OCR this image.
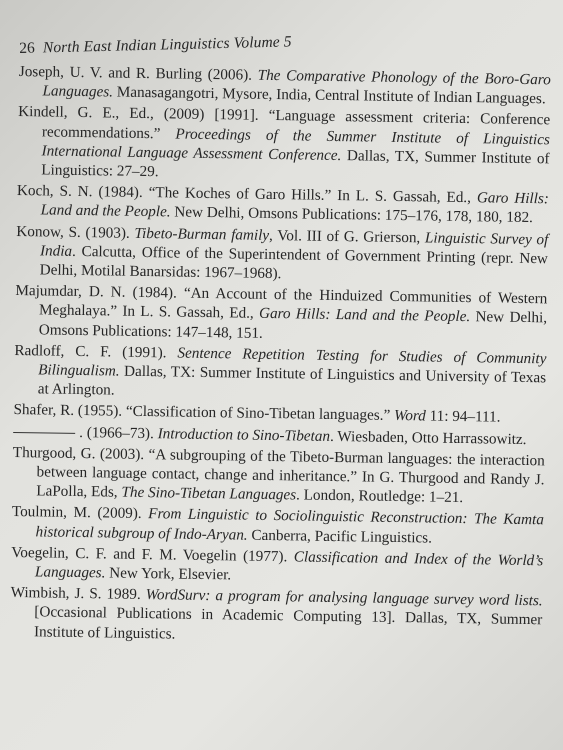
26 North East Indian Linguistics Volume 5

Joseph, U. V. and R. Burling (2006). The Comparative Phonology of the Boro-Garo Languages. Manasagangotri, Mysore, India, Central Institute of Indian Languages.

Kindell, G. E., Ed., (2009) [1991]. “Language assessment criteria: Conference recommendations.” Proceedings of the Summer Institute of Linguistics International Language Assessment Conference. Dallas, TX, Summer Institute of Linguistics: 27–29.

Koch, S. N. (1984). “The Koches of Garo Hills.” In L. S. Gassah, Ed., Garo Hills: Land and the People. New Delhi, Omsons Publications: 175–176, 178, 180, 182.

Konow, S. (1903). Tibeto-Burman family, Vol. III of G. Grierson, Linguistic Survey of India. Calcutta, Office of the Superintendent of Government Printing (repr. New Delhi, Motilal Banarsidas: 1967–1968).

Majumdar, D. N. (1984). “An Account of the Hinduized Communities of Western Meghalaya.” In L. S. Gassah, Ed., Garo Hills: Land and the People. New Delhi, Omsons Publications: 147–148, 151.

Radloff, C. F. (1991). Sentence Repetition Testing for Studies of Community Bilingualism. Dallas, TX: Summer Institute of Linguistics and University of Texas at Arlington.

Shafer, R. (1955). “Classification of Sino-Tibetan languages.” Word 11: 94–111.

. (1966–73). Introduction to Sino-Tibetan. Wiesbaden, Otto Harrassowitz.

Thurgood, G. (2003). “A subgrouping of the Tibeto-Burman languages: the interaction between language contact, change and inheritance.” In G. Thurgood and Randy J. LaPolla, Eds, The Sino-Tibetan Languages. London, Routledge: 1–21.

Toulmin, M. (2009). From Linguistic to Sociolinguistic Reconstruction: The Kamta historical subgroup of Indo-Aryan. Canberra, Pacific Linguistics.

Voegelin, C. F. and F. M. Voegelin (1977). Classification and Index of the World’s Languages. New York, Elsevier.

Wimbish, J. S. 1989. WordSurv: a program for analysing language survey word lists. [Occasional Publications in Academic Computing 13]. Dallas, TX, Summer Institute of Linguistics.
